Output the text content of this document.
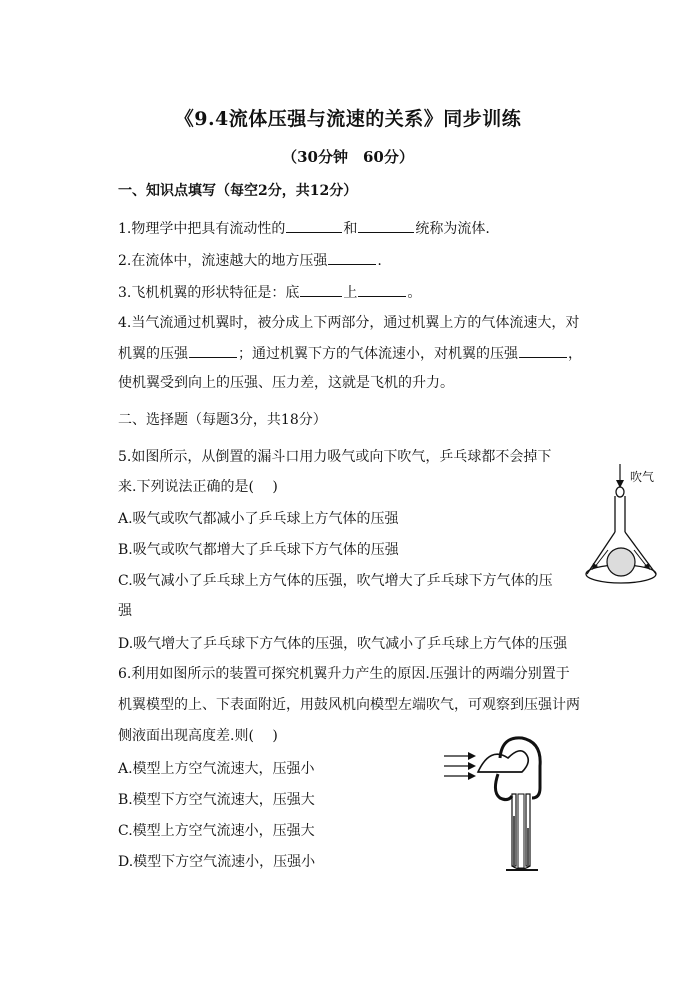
《9.4流体压强与流速的关系》同步训练
（30分钟　60分）
一、知识点填写（每空2分，共12分）
1.物理学中把具有流动性的	和	统称为流体.
2.在流体中，流速越大的地方压强	.
3.飞机机翼的形状特征是：底	上	。
4.当气流通过机翼时，被分成上下两部分，通过机翼上方的气体流速大，对
机翼的压强	；通过机翼下方的气体流速小，对机翼的压强	，
使机翼受到向上的压强、压力差，这就是飞机的升力。
二、选择题（每题3分，共18分）
5.如图所示，从倒置的漏斗口用力吸气或向下吹气，乒乓球都不会掉下
来.下列说法正确的是(　 )
A.吸气或吹气都减小了乒乓球上方气体的压强
B.吸气或吹气都增大了乒乓球下方气体的压强
C.吸气减小了乒乓球上方气体的压强，吹气增大了乒乓球下方气体的压
强
D.吸气增大了乒乓球下方气体的压强，吹气减小了乒乓球上方气体的压强
吹气
6.利用如图所示的装置可探究机翼升力产生的原因.压强计的两端分别置于
机翼模型的上、下表面附近，用鼓风机向模型左端吹气，可观察到压强计两
侧液面出现高度差.则(　 )
A.模型上方空气流速大，压强小
B.模型下方空气流速大，压强大
C.模型上方空气流速小，压强大
D.模型下方空气流速小，压强小
